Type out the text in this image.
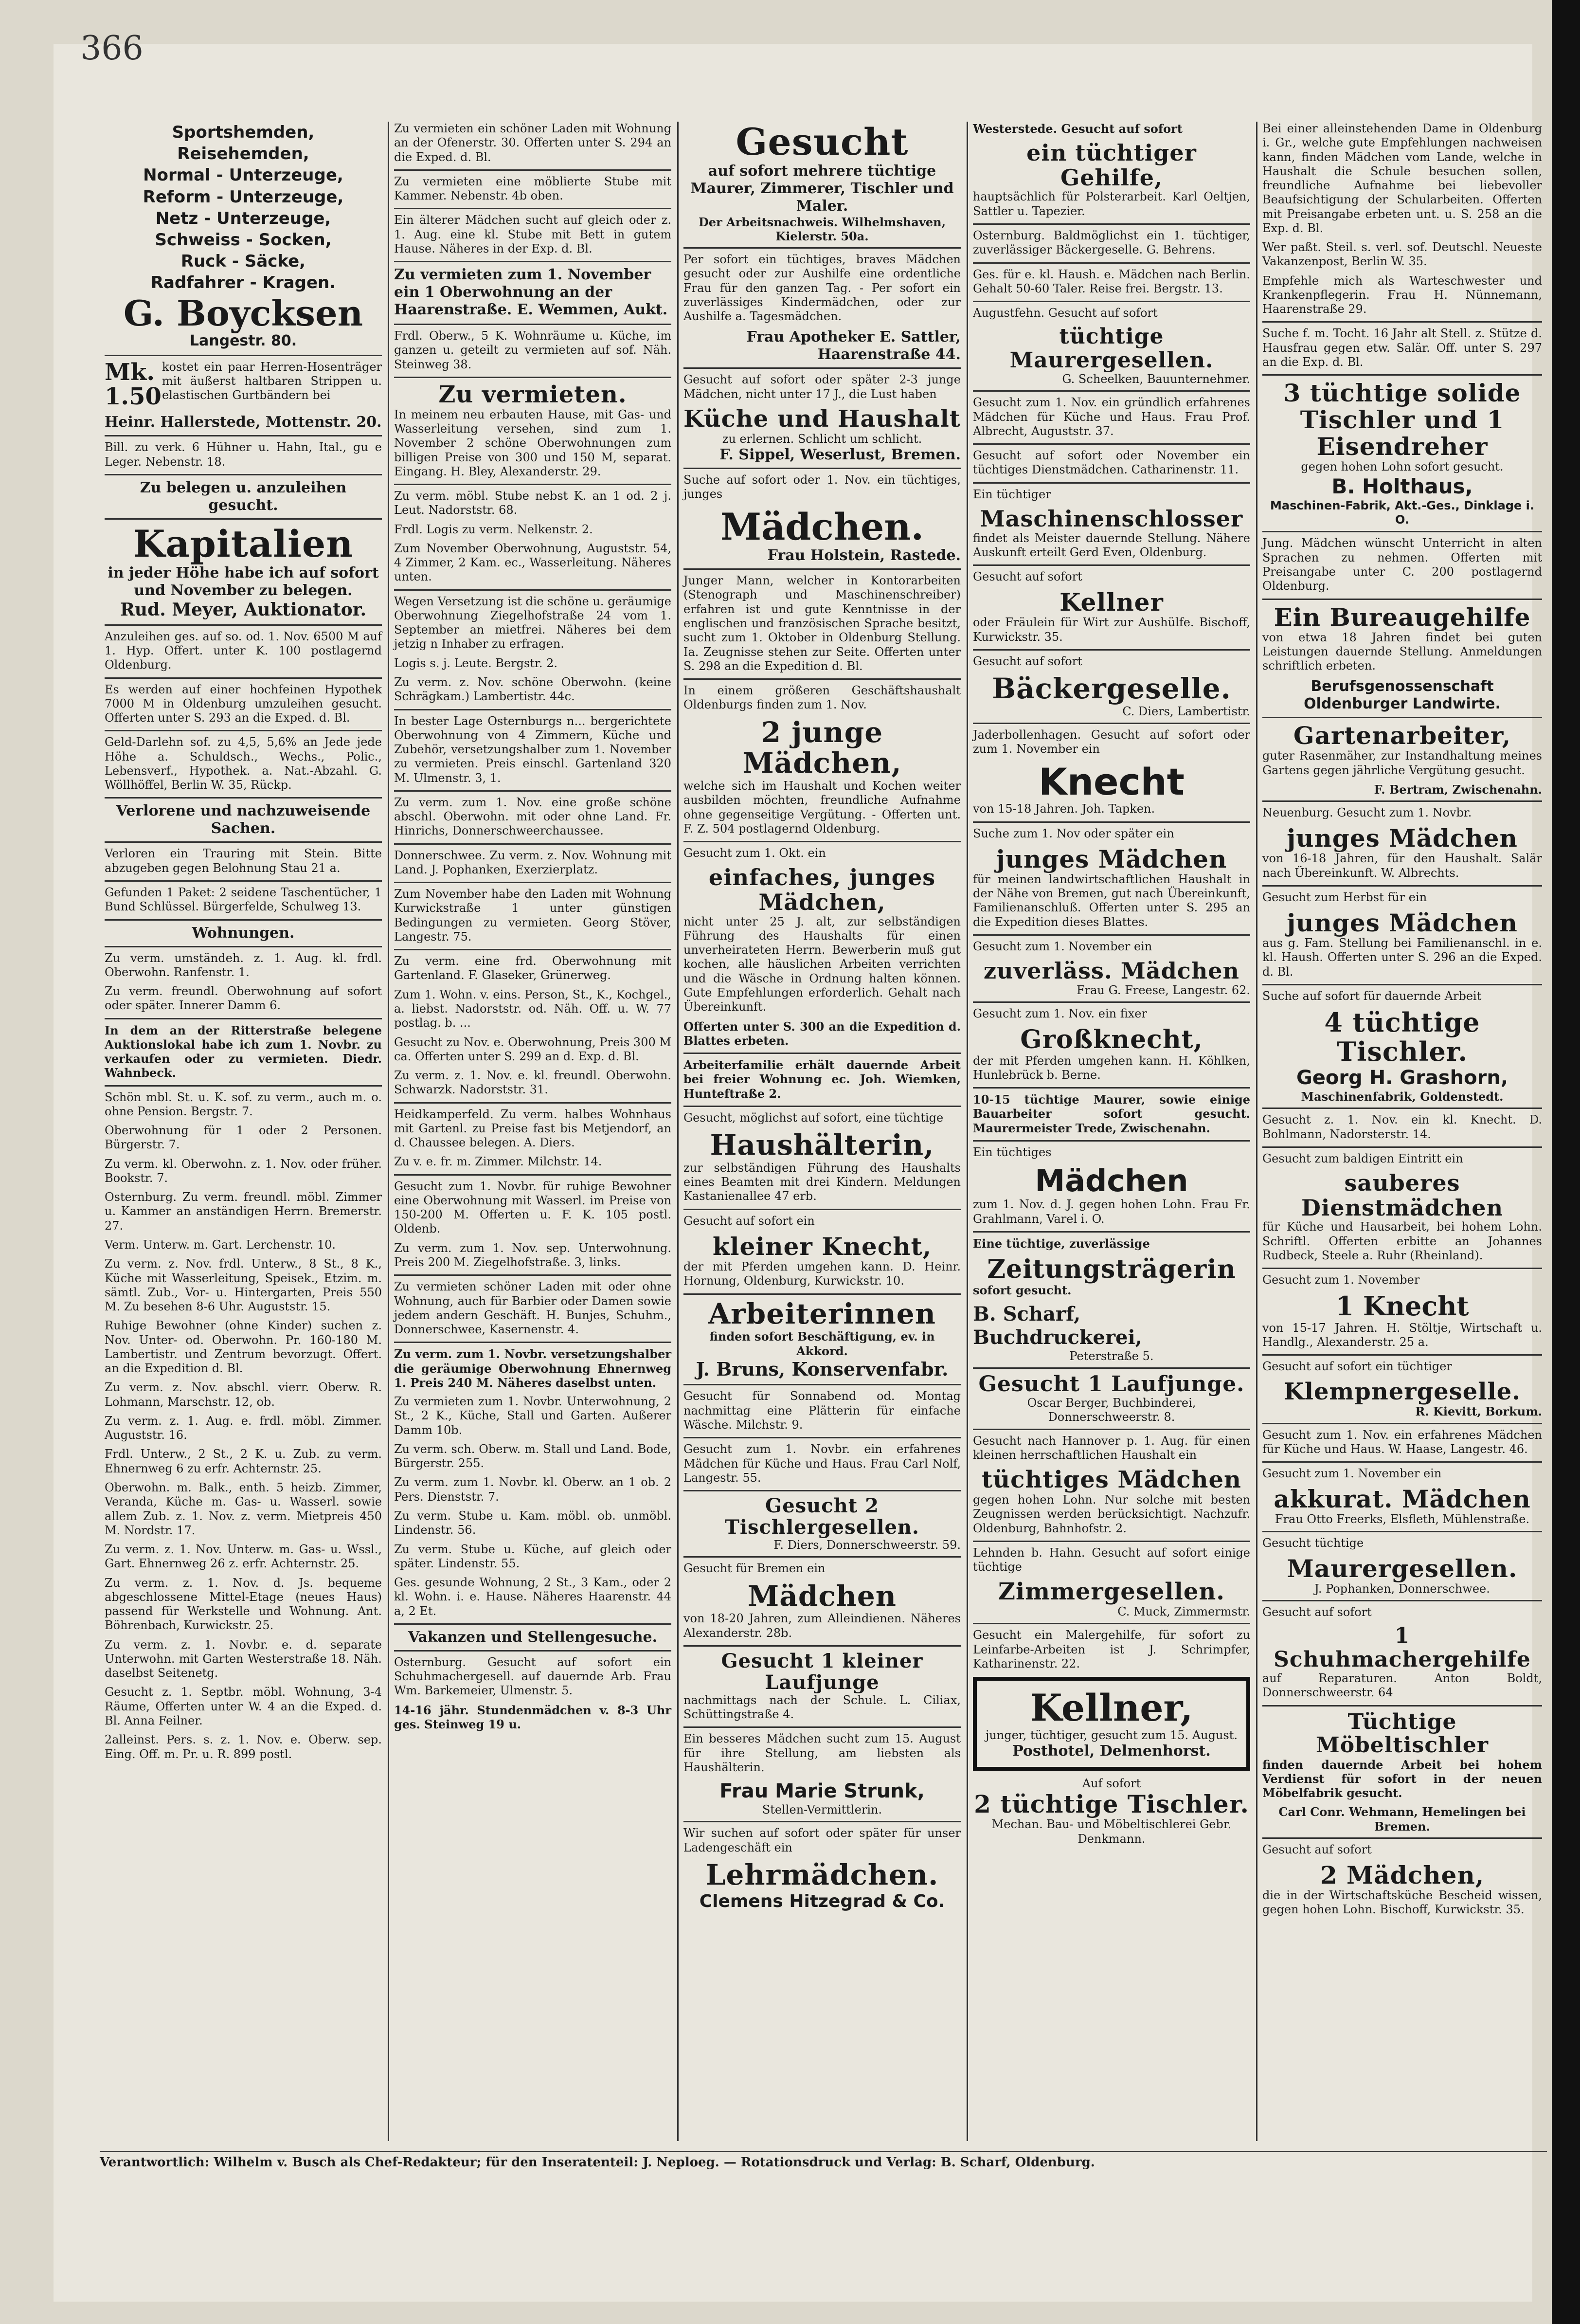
366
Sportshemden,
Reisehemden,
Normal - Unterzeuge,
Reform - Unterzeuge,
Netz - Unterzeuge,
Schweiss - Socken,
Ruck - Säcke,
Radfahrer - Kragen.
G. Boycksen
Langestr. 80.
Mk. 1.50
kostet ein paar Herren-Hosenträger mit äußerst haltbaren Strippen u. elastischen Gurtbändern bei
Heinr. Hallerstede, Mottenstr. 20.
Bill. zu verk. 6 Hühner u. Hahn, Ital., gu e Leger. Nebenstr. 18.
Zu belegen u. anzuleihen gesucht.
Kapitalien
in jeder Höhe habe ich auf sofort und November zu belegen.
Rud. Meyer, Auktionator.
Anzuleihen ges. auf so. od. 1. Nov. 6500 M auf 1. Hyp. Offert. unter K. 100 postlagernd Oldenburg.
Es werden auf einer hochfeinen Hypothek 7000 M in Oldenburg umzuleihen gesucht. Offerten unter S. 293 an die Exped. d. Bl.
Geld-Darlehn sof. zu 4,5, 5,6% an Jede jede Höhe a. Schuldsch., Wechs., Polic., Lebensverf., Hypothek. a. Nat.-Abzahl. G. Wöllhöffel, Berlin W. 35, Rückp.
Verlorene und nachzuweisende Sachen.
Verloren ein Trauring mit Stein. Bitte abzugeben gegen Belohnung Stau 21 a.
Gefunden 1 Paket: 2 seidene Taschentücher, 1 Bund Schlüssel. Bürgerfelde, Schulweg 13.
Wohnungen.
Zu verm. umständeh. z. 1. Aug. kl. frdl. Oberwohn. Ranfenstr. 1.
Zu verm. freundl. Oberwohnung auf sofort oder später. Innerer Damm 6.
In dem an der Ritterstraße belegene Auktionslokal habe ich zum 1. Novbr. zu verkaufen oder zu vermieten. Diedr. Wahnbeck.
Schön mbl. St. u. K. sof. zu verm., auch m. o. ohne Pension. Bergstr. 7.
Oberwohnung für 1 oder 2 Personen. Bürgerstr. 7.
Zu verm. kl. Oberwohn. z. 1. Nov. oder früher. Bookstr. 7.
Osternburg. Zu verm. freundl. möbl. Zimmer u. Kammer an anständigen Herrn. Bremerstr. 27.
Verm. Unterw. m. Gart. Lerchenstr. 10.
Zu verm. z. Nov. frdl. Unterw., 8 St., 8 K., Küche mit Wasserleitung, Speisek., Etzim. m. sämtl. Zub., Vor- u. Hintergarten, Preis 550 M. Zu besehen 8-6 Uhr. Auguststr. 15.
Ruhige Bewohner (ohne Kinder) suchen z. Nov. Unter- od. Oberwohn. Pr. 160-180 M. Lambertistr. und Zentrum bevorzugt. Offert. an die Expedition d. Bl.
Zu verm. z. Nov. abschl. vierr. Oberw. R. Lohmann, Marschstr. 12, ob.
Zu verm. z. 1. Aug. e. frdl. möbl. Zimmer. Auguststr. 16.
Frdl. Unterw., 2 St., 2 K. u. Zub. zu verm. Ehnernweg 6 zu erfr. Achternstr. 25.
Oberwohn. m. Balk., enth. 5 heizb. Zimmer, Veranda, Küche m. Gas- u. Wasserl. sowie allem Zub. z. 1. Nov. z. verm. Mietpreis 450 M. Nordstr. 17.
Zu verm. z. 1. Nov. Unterw. m. Gas- u. Wssl., Gart. Ehnernweg 26 z. erfr. Achternstr. 25.
Zu verm. z. 1. Nov. d. Js. bequeme abgeschlossene Mittel-Etage (neues Haus) passend für Werkstelle und Wohnung. Ant. Böhrenbach, Kurwickstr. 25.
Zu verm. z. 1. Novbr. e. d. separate Unterwohn. mit Garten Westerstraße 18. Näh. daselbst Seitenetg.
Gesucht z. 1. Septbr. möbl. Wohnung, 3-4 Räume, Offerten unter W. 4 an die Exped. d. Bl. Anna Feilner.
2alleinst. Pers. s. z. 1. Nov. e. Oberw. sep. Eing. Off. m. Pr. u. R. 899 postl.
Zu vermieten ein schöner Laden mit Wohnung an der Ofenerstr. 30. Offerten unter S. 294 an die Exped. d. Bl.
Zu vermieten eine möblierte Stube mit Kammer. Nebenstr. 4b oben.
Ein älterer Mädchen sucht auf gleich oder z. 1. Aug. eine kl. Stube mit Bett in gutem Hause. Näheres in der Exp. d. Bl.
Zu vermieten zum 1. November ein 1 Oberwohnung an der Haarenstraße. E. Wemmen, Aukt.
Frdl. Oberw., 5 K. Wohnräume u. Küche, im ganzen u. geteilt zu vermieten auf sof. Näh. Steinweg 38.
Zu vermieten.
In meinem neu erbauten Hause, mit Gas- und Wasserleitung versehen, sind zum 1. November 2 schöne Oberwohnungen zum billigen Preise von 300 und 150 M, separat. Eingang. H. Bley, Alexanderstr. 29.
Zu verm. möbl. Stube nebst K. an 1 od. 2 j. Leut. Nadorststr. 68.
Frdl. Logis zu verm. Nelkenstr. 2.
Zum November Oberwohnung, Auguststr. 54, 4 Zimmer, 2 Kam. ec., Wasserleitung. Näheres unten.
Wegen Versetzung ist die schöne u. geräumige Oberwohnung Ziegelhofstraße 24 vom 1. September an mietfrei. Näheres bei dem jetzig n Inhaber zu erfragen.
Logis s. j. Leute. Bergstr. 2.
Zu verm. z. Nov. schöne Oberwohn. (keine Schrägkam.) Lambertistr. 44c.
In bester Lage Osternburgs n... bergerichtete Oberwohnung von 4 Zimmern, Küche und Zubehör, versetzungshalber zum 1. November zu vermieten. Preis einschl. Gartenland 320 M. Ulmenstr. 3, 1.
Zu verm. zum 1. Nov. eine große schöne abschl. Oberwohn. mit oder ohne Land. Fr. Hinrichs, Donnerschweerchaussee.
Donnerschwee. Zu verm. z. Nov. Wohnung mit Land. J. Pophanken, Exerzierplatz.
Zum November habe den Laden mit Wohnung Kurwickstraße 1 unter günstigen Bedingungen zu vermieten. Georg Stöver, Langestr. 75.
Zu verm. eine frd. Oberwohnung mit Gartenland. F. Glaseker, Grünerweg.
Zum 1. Wohn. v. eins. Person, St., K., Kochgel., a. liebst. Nadorststr. od. Näh. Off. u. W. 77 postlag. b. ...
Gesucht zu Nov. e. Oberwohnung, Preis 300 M ca. Offerten unter S. 299 an d. Exp. d. Bl.
Zu verm. z. 1. Nov. e. kl. freundl. Oberwohn. Schwarzk. Nadorststr. 31.
Heidkamperfeld. Zu verm. halbes Wohnhaus mit Gartenl. zu Preise fast bis Metjendorf, an d. Chaussee belegen. A. Diers.
Zu v. e. fr. m. Zimmer. Milchstr. 14.
Gesucht zum 1. Novbr. für ruhige Bewohner eine Oberwohnung mit Wasserl. im Preise von 150-200 M. Offerten u. F. K. 105 postl. Oldenb.
Zu verm. zum 1. Nov. sep. Unterwohnung. Preis 200 M. Ziegelhofstraße. 3, links.
Zu vermieten schöner Laden mit oder ohne Wohnung, auch für Barbier oder Damen sowie jedem andern Geschäft. H. Bunjes, Schuhm., Donnerschwee, Kasernenstr. 4.
Zu verm. zum 1. Novbr. versetzungshalber die geräumige Oberwohnung Ehnernweg 1. Preis 240 M. Näheres daselbst unten.
Zu vermieten zum 1. Novbr. Unterwohnung, 2 St., 2 K., Küche, Stall und Garten. Außerer Damm 10b.
Zu verm. sch. Oberw. m. Stall und Land. Bode, Bürgerstr. 255.
Zu verm. zum 1. Novbr. kl. Oberw. an 1 ob. 2 Pers. Dienststr. 7.
Zu verm. Stube u. Kam. möbl. ob. unmöbl. Lindenstr. 56.
Zu verm. Stube u. Küche, auf gleich oder später. Lindenstr. 55.
Ges. gesunde Wohnung, 2 St., 3 Kam., oder 2 kl. Wohn. i. e. Hause. Näheres Haarenstr. 44 a, 2 Et.
Vakanzen und Stellengesuche.
Osternburg. Gesucht auf sofort ein Schuhmachergesell. auf dauernde Arb. Frau Wm. Barkemeier, Ulmenstr. 5.
14-16 jähr. Stundenmädchen v. 8-3 Uhr ges. Steinweg 19 u.
Gesucht
auf sofort mehrere tüchtige Maurer, Zimmerer, Tischler und Maler.
Der Arbeitsnachweis. Wilhelmshaven, Kielerstr. 50a.
Per sofort ein tüchtiges, braves Mädchen gesucht oder zur Aushilfe eine ordentliche Frau für den ganzen Tag. - Per sofort ein zuverlässiges Kindermädchen, oder zur Aushilfe a. Tagesmädchen.
Frau Apotheker E. Sattler, Haarenstraße 44.
Gesucht auf sofort oder später 2-3 junge Mädchen, nicht unter 17 J., die Lust haben
Küche und Haushalt
zu erlernen. Schlicht um schlicht.
F. Sippel, Weserlust, Bremen.
Suche auf sofort oder 1. Nov. ein tüchtiges, junges
Mädchen.
Frau Holstein, Rastede.
Junger Mann, welcher in Kontorarbeiten (Stenograph und Maschinenschreiber) erfahren ist und gute Kenntnisse in der englischen und französischen Sprache besitzt, sucht zum 1. Oktober in Oldenburg Stellung. Ia. Zeugnisse stehen zur Seite. Offerten unter S. 298 an die Expedition d. Bl.
In einem größeren Geschäftshaushalt Oldenburgs finden zum 1. Nov.
2 junge Mädchen,
welche sich im Haushalt und Kochen weiter ausbilden möchten, freundliche Aufnahme ohne gegenseitige Vergütung. - Offerten unt. F. Z. 504 postlagernd Oldenburg.
Gesucht zum 1. Okt. ein
einfaches, junges Mädchen,
nicht unter 25 J. alt, zur selbständigen Führung des Haushalts für einen unverheirateten Herrn. Bewerberin muß gut kochen, alle häuslichen Arbeiten verrichten und die Wäsche in Ordnung halten können. Gute Empfehlungen erforderlich. Gehalt nach Übereinkunft.
Offerten unter S. 300 an die Expedition d. Blattes erbeten.
Arbeiterfamilie erhält dauernde Arbeit bei freier Wohnung ec. Joh. Wiemken, Hunteftraße 2.
Gesucht, möglichst auf sofort, eine tüchtige
Haushälterin,
zur selbständigen Führung des Haushalts eines Beamten mit drei Kindern. Meldungen Kastanienallee 47 erb.
Gesucht auf sofort ein
kleiner Knecht,
der mit Pferden umgehen kann. D. Heinr. Hornung, Oldenburg, Kurwickstr. 10.
Arbeiterinnen
finden sofort Beschäftigung, ev. in Akkord.
J. Bruns, Konservenfabr.
Gesucht für Sonnabend od. Montag nachmittag eine Plätterin für einfache Wäsche. Milchstr. 9.
Gesucht zum 1. Novbr. ein erfahrenes Mädchen für Küche und Haus. Frau Carl Nolf, Langestr. 55.
Gesucht 2 Tischlergesellen.
F. Diers, Donnerschweerstr. 59.
Gesucht für Bremen ein
Mädchen
von 18-20 Jahren, zum Alleindienen. Näheres Alexanderstr. 28b.
Gesucht 1 kleiner Laufjunge
nachmittags nach der Schule. L. Ciliax, Schüttingstraße 4.
Ein besseres Mädchen sucht zum 15. August für ihre Stellung, am liebsten als Haushälterin.
Frau Marie Strunk,
Stellen-Vermittlerin.
Wir suchen auf sofort oder später für unser Ladengeschäft ein
Lehrmädchen.
Clemens Hitzegrad & Co.
Westerstede. Gesucht auf sofort
ein tüchtiger Gehilfe,
hauptsächlich für Polsterarbeit. Karl Oeltjen, Sattler u. Tapezier.
Osternburg. Baldmöglichst ein 1. tüchtiger, zuverlässiger Bäckergeselle. G. Behrens.
Ges. für e. kl. Haush. e. Mädchen nach Berlin. Gehalt 50-60 Taler. Reise frei. Bergstr. 13.
Augustfehn. Gesucht auf sofort
tüchtige Maurergesellen.
G. Scheelken, Bauunternehmer.
Gesucht zum 1. Nov. ein gründlich erfahrenes Mädchen für Küche und Haus. Frau Prof. Albrecht, Auguststr. 37.
Gesucht auf sofort oder November ein tüchtiges Dienstmädchen. Catharinenstr. 11.
Ein tüchtiger
Maschinenschlosser
findet als Meister dauernde Stellung. Nähere Auskunft erteilt Gerd Even, Oldenburg.
Gesucht auf sofort
Kellner
oder Fräulein für Wirt zur Aushülfe. Bischoff, Kurwickstr. 35.
Gesucht auf sofort
Bäckergeselle.
C. Diers, Lambertistr.
Jaderbollenhagen. Gesucht auf sofort oder zum 1. November ein
Knecht
von 15-18 Jahren. Joh. Tapken.
Suche zum 1. Nov oder später ein
junges Mädchen
für meinen landwirtschaftlichen Haushalt in der Nähe von Bremen, gut nach Übereinkunft, Familienanschluß. Offerten unter S. 295 an die Expedition dieses Blattes.
Gesucht zum 1. November ein
zuverläss. Mädchen
Frau G. Freese, Langestr. 62.
Gesucht zum 1. Nov. ein fixer
Großknecht,
der mit Pferden umgehen kann. H. Köhlken, Hunlebrück b. Berne.
10-15 tüchtige Maurer, sowie einige Bauarbeiter sofort gesucht. Maurermeister Trede, Zwischenahn.
Ein tüchtiges
Mädchen
zum 1. Nov. d. J. gegen hohen Lohn. Frau Fr. Grahlmann, Varel i. O.
Eine tüchtige, zuverlässige
Zeitungsträgerin
sofort gesucht.
B. Scharf, Buchdruckerei,
Peterstraße 5.
Gesucht 1 Laufjunge.
Oscar Berger, Buchbinderei, Donnerschweerstr. 8.
Gesucht nach Hannover p. 1. Aug. für einen kleinen herrschaftlichen Haushalt ein
tüchtiges Mädchen
gegen hohen Lohn. Nur solche mit besten Zeugnissen werden berücksichtigt. Nachzufr. Oldenburg, Bahnhofstr. 2.
Lehnden b. Hahn. Gesucht auf sofort einige tüchtige
Zimmergesellen.
C. Muck, Zimmermstr.
Gesucht ein Malergehilfe, für sofort zu Leinfarbe-Arbeiten ist J. Schrimpfer, Katharinenstr. 22.
Kellner,
junger, tüchtiger, gesucht zum 15. August.
Posthotel, Delmenhorst.
Auf sofort
2 tüchtige Tischler.
Mechan. Bau- und Möbeltischlerei Gebr. Denkmann.
Bei einer alleinstehenden Dame in Oldenburg i. Gr., welche gute Empfehlungen nachweisen kann, finden Mädchen vom Lande, welche in Haushalt die Schule besuchen sollen, freundliche Aufnahme bei liebevoller Beaufsichtigung der Schularbeiten. Offerten mit Preisangabe erbeten unt. u. S. 258 an die Exp. d. Bl.
Wer paßt. Steil. s. verl. sof. Deutschl. Neueste Vakanzenpost, Berlin W. 35.
Empfehle mich als Warteschwester und Krankenpflegerin. Frau H. Nünnemann, Haarenstraße 29.
Suche f. m. Tocht. 16 Jahr alt Stell. z. Stütze d. Hausfrau gegen etw. Salär. Off. unter S. 297 an die Exp. d. Bl.
3 tüchtige solide Tischler und 1 Eisendreher
gegen hohen Lohn sofort gesucht.
B. Holthaus,
Maschinen-Fabrik, Akt.-Ges., Dinklage i. O.
Jung. Mädchen wünscht Unterricht in alten Sprachen zu nehmen. Offerten mit Preisangabe unter C. 200 postlagernd Oldenburg.
Ein Bureaugehilfe
von etwa 18 Jahren findet bei guten Leistungen dauernde Stellung. Anmeldungen schriftlich erbeten.
Berufsgenossenschaft Oldenburger Landwirte.
Gartenarbeiter,
guter Rasenmäher, zur Instandhaltung meines Gartens gegen jährliche Vergütung gesucht.
F. Bertram, Zwischenahn.
Neuenburg. Gesucht zum 1. Novbr.
junges Mädchen
von 16-18 Jahren, für den Haushalt. Salär nach Übereinkunft. W. Albrechts.
Gesucht zum Herbst für ein
junges Mädchen
aus g. Fam. Stellung bei Familienanschl. in e. kl. Haush. Offerten unter S. 296 an die Exped. d. Bl.
Suche auf sofort für dauernde Arbeit
4 tüchtige Tischler.
Georg H. Grashorn,
Maschinenfabrik, Goldenstedt.
Gesucht z. 1. Nov. ein kl. Knecht. D. Bohlmann, Nadorsterstr. 14.
Gesucht zum baldigen Eintritt ein
sauberes Dienstmädchen
für Küche und Hausarbeit, bei hohem Lohn. Schriftl. Offerten erbitte an Johannes Rudbeck, Steele a. Ruhr (Rheinland).
Gesucht zum 1. November
1 Knecht
von 15-17 Jahren. H. Stöltje, Wirtschaft u. Handlg., Alexanderstr. 25 a.
Gesucht auf sofort ein tüchtiger
Klempnergeselle.
R. Kievitt, Borkum.
Gesucht zum 1. Nov. ein erfahrenes Mädchen für Küche und Haus. W. Haase, Langestr. 46.
Gesucht zum 1. November ein
akkurat. Mädchen
Frau Otto Freerks, Elsfleth, Mühlenstraße.
Gesucht tüchtige
Maurergesellen.
J. Pophanken, Donnerschwee.
Gesucht auf sofort
1 Schuhmachergehilfe
auf Reparaturen. Anton Boldt, Donnerschweerstr. 64
Tüchtige Möbeltischler
finden dauernde Arbeit bei hohem Verdienst für sofort in der neuen Möbelfabrik gesucht.
Carl Conr. Wehmann, Hemelingen bei Bremen.
Gesucht auf sofort
2 Mädchen,
die in der Wirtschaftsküche Bescheid wissen, gegen hohen Lohn. Bischoff, Kurwickstr. 35.
Verantwortlich: Wilhelm v. Busch als Chef-Redakteur; für den Inseratenteil: J. Neploeg. — Rotationsdruck und Verlag: B. Scharf, Oldenburg.
